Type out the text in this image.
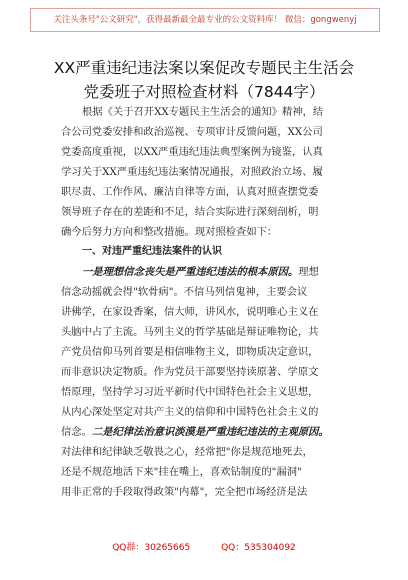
关注头条号"公文研究"，获得最新最全最专业的公文资料库！ 微信：gongwenyj
XX严重违纪违法案以案促改专题民主生活会
党委班子对照检查材料（7844字）
根据《关于召开XX专题民主生活会的通知》精神，结
合公司党委安排和政治巡视、专项审计反馈问题，XX公司
党委高度重视，以XX严重违纪违法典型案例为镜鉴，认真
学习关于XX严重违纪违法案情况通报，对照政治立场、履
职尽责、工作作风、廉洁自律等方面，认真对照查摆党委
领导班子存在的差距和不足，结合实际进行深刻剖析，明
确今后努力方向和整改措施。现对照检查如下：
一、对违严重纪违法案件的认识
一是理想信念丧失是严重违纪违法的根本原因。理想
信念动摇就会得"软骨病"。不信马列信鬼神，主要会议
讲佛学，在家设香案，信大师，讲风水，说明唯心主义在
头脑中占了主流。马列主义的哲学基础是辩证唯物论，共
产党员信仰马列首要是相信唯物主义，即物质决定意识，
而非意识决定物质。作为党员干部要坚持读原著、学原文
悟原理，坚持学习习近平新时代中国特色社会主义思想，
从内心深处坚定对共产主义的信仰和中国特色社会主义的
信念。二是纪律法治意识淡漠是严重违纪违法的主观原因。
对法律和纪律缺乏敬畏之心，经常把"你是规范地死去，
还是不规范地活下来"挂在嘴上，喜欢钻制度的"漏洞"
用非正常的手段取得政策"内幕"，完全把市场经济是法
QQ群：30265665	QQ：535304092
